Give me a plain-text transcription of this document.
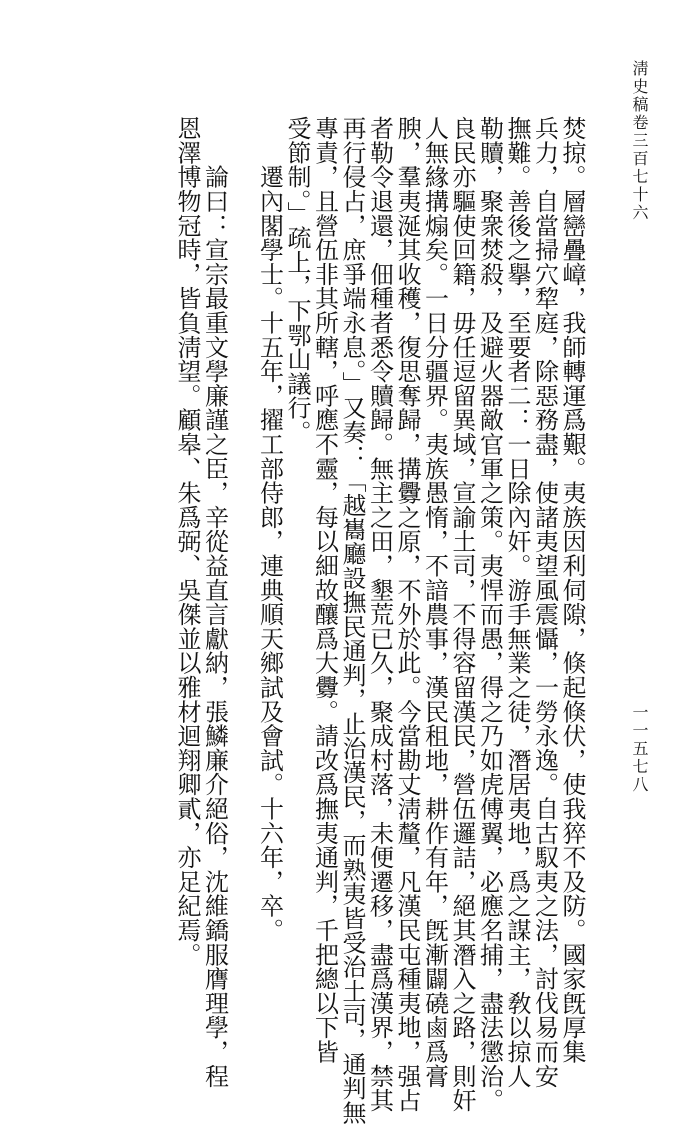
淸史稿卷三百七十六
一一五七八
焚掠。層巒疊嶂，我師轉運爲艱。夷族因利伺隙，倏起倏伏，使我猝不及防。國家旣厚集
兵力，自當掃穴犂庭，除惡務盡，使諸夷望風震懾，一勞永逸。自古馭夷之法，討伐易而安
撫難。善後之擧，至要者二：一日除內奸。游手無業之徒，潛居夷地，爲之謀主，敎以掠人
勒贖，聚衆焚殺，及避火器敵官軍之策。夷悍而愚，得之乃如虎傅翼，必應名捕，盡法懲治。
良民亦驅使回籍，毋任逗留異域，宣諭土司，不得容留漢民，營伍邏詰，絕其潛入之路，則奸
人無緣搆煽矣。一日分疆界。夷族愚惰，不諳農事，漢民租地，耕作有年，旣漸闢磽鹵爲膏
腴，羣夷涎其收穫，復思奪歸，搆釁之原，不外於此。今當勘丈淸釐，凡漢民屯種夷地，强占
者勒令退還，佃種者悉令贖歸。無主之田，墾荒已久，聚成村落，未便遷移，盡爲漢界，禁其
再行侵占，庶爭端永息。」又奏：「越巂廳設撫民通判，止治漢民，而熟夷皆受治土司，通判無
專責，且營伍非其所轄，呼應不靈，每以細故釀爲大釁。請改爲撫夷通判，千把總以下皆
受節制。」疏上，下鄂山議行。
　　遷內閣學士。十五年，擢工部侍郎，連典順天鄉試及會試。十六年，卒。
　　論曰：宣宗最重文學廉謹之臣，辛從益直言獻納，張鱗廉介絕俗，沈維鐈服膺理學，程
恩澤博物冠時，皆負淸望。顧皋、朱爲弼、吳傑並以雅材迴翔卿貳，亦足紀焉。
